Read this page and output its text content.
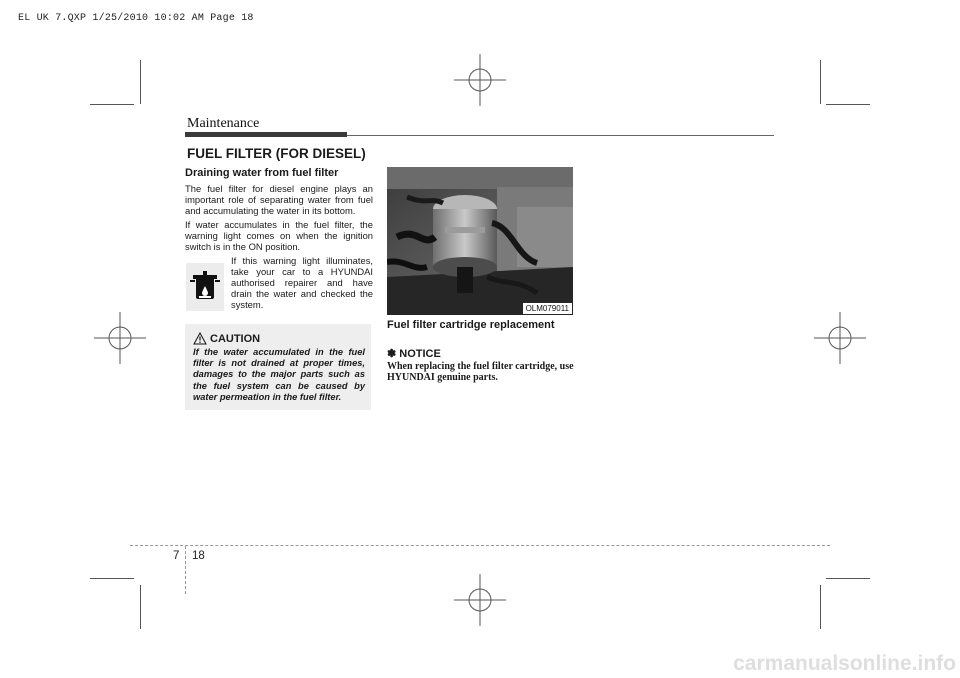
EL UK 7.QXP 1/25/2010 10:02 AM Page 18
Maintenance
FUEL FILTER (FOR DIESEL)

Draining water from fuel filter

The fuel filter for diesel engine plays an important role of separating water from fuel and accumulating the water in its bottom.

If water accumulates in the fuel filter, the warning light comes on when the ignition switch is in the ON position.

If this warning light illuminates, take your car to a HYUNDAI authorised repairer and have drain the water and checked the system.

CAUTION

If the water accumulated in the fuel filter is not drained at proper times, damages to the major parts such as the fuel system can be caused by water permeation in the fuel filter.

OLM079011
Fuel filter cartridge replacement
✽ NOTICE

When replacing the fuel filter cartridge, use HYUNDAI genuine parts.

7 18
carmanualsonline.info
